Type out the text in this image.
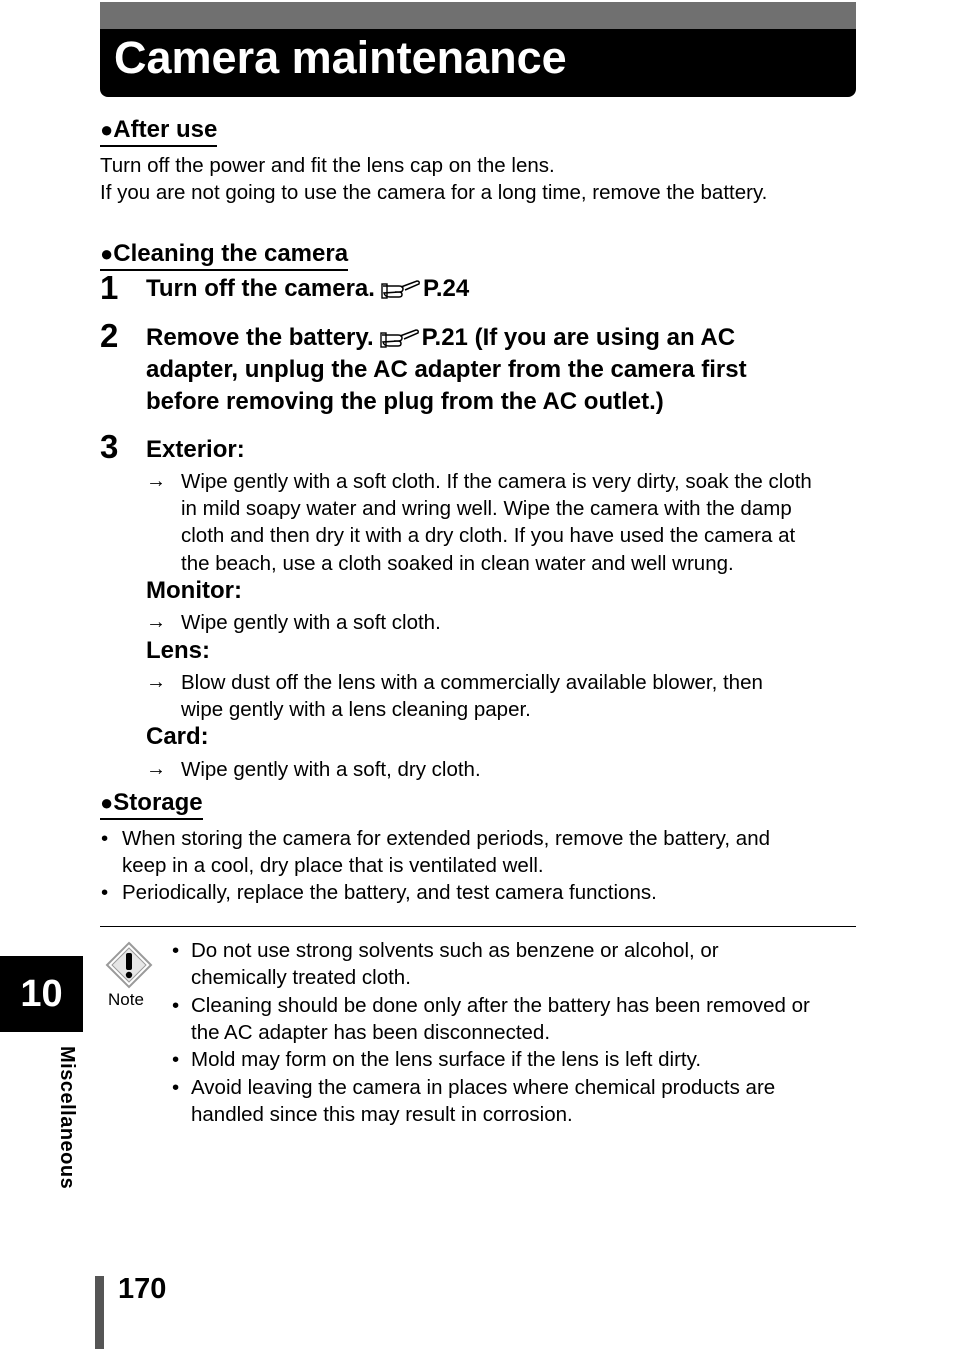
Camera maintenance
●After use
Turn off the power and fit the lens cap on the lens.
If you are not going to use the camera for a long time, remove the battery.
●Cleaning the camera
1 Turn off the camera. P.24
2 Remove the battery. P.21 (If you are using an AC
adapter, unplug the AC adapter from the camera first
before removing the plug from the AC outlet.)
3 Exterior:
→ Wipe gently with a soft cloth. If the camera is very dirty, soak the cloth
in mild soapy water and wring well. Wipe the camera with the damp
cloth and then dry it with a dry cloth. If you have used the camera at
the beach, use a cloth soaked in clean water and well wrung.
Monitor:
→ Wipe gently with a soft cloth.
Lens:
→ Blow dust off the lens with a commercially available blower, then
wipe gently with a lens cleaning paper.
Card:
→ Wipe gently with a soft, dry cloth.
●Storage
• When storing the camera for extended periods, remove the battery, and
keep in a cool, dry place that is ventilated well.
• Periodically, replace the battery, and test camera functions.
Note
• Do not use strong solvents such as benzene or alcohol, or
chemically treated cloth.
• Cleaning should be done only after the battery has been removed or
the AC adapter has been disconnected.
• Mold may form on the lens surface if the lens is left dirty.
• Avoid leaving the camera in places where chemical products are
handled since this may result in corrosion.
10
Miscellaneous
170
